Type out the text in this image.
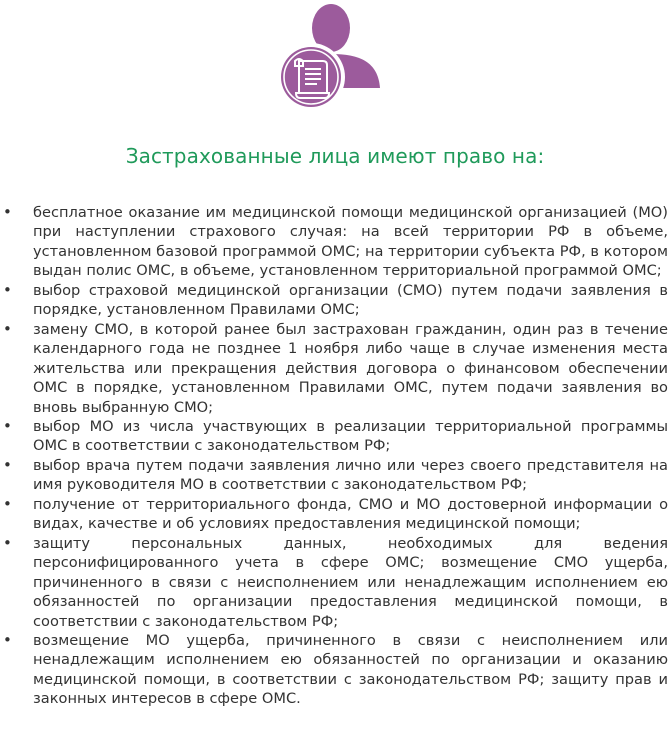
Застрахованные лица имеют право на:
• бесплатное оказание им медицинской помощи медицинской организацией (МО) при наступлении страхового случая: на всей территории РФ в объеме, установленном базовой программой ОМС; на территории субъекта РФ, в котором выдан полис ОМС, в объеме, установленном территориальной программой ОМС;
• выбор страховой медицинской организации (СМО) путем подачи заявления в порядке, установленном Правилами ОМС;
• замену СМО, в которой ранее был застрахован гражданин, один раз в течение календарного года не позднее 1 ноября либо чаще в случае изменения места жительства или прекращения действия договора о финансовом обеспечении ОМС в порядке, установленном Правилами ОМС, путем подачи заявления во вновь выбранную СМО;
• выбор МО из числа участвующих в реализации территориальной программы ОМС в соответствии с законодательством РФ;
• выбор врача путем подачи заявления лично или через своего представителя на имя руководителя МО в соответствии с законодательством РФ;
• получение от территориального фонда, СМО и МО достоверной информации о видах, качестве и об условиях предоставления медицинской помощи;
• защиту персональных данных, необходимых для ведения персонифицированного учета в сфере ОМС; возмещение СМО ущерба, причиненного в связи с неисполнением или ненадлежащим исполнением ею обязанностей по организации предоставления медицинской помощи, в соответствии с законодательством РФ;
• возмещение МО ущерба, причиненного в связи с неисполнением или ненадлежащим исполнением ею обязанностей по организации и оказанию медицинской помощи, в соответствии с законодательством РФ; защиту прав и законных интересов в сфере ОМС.
